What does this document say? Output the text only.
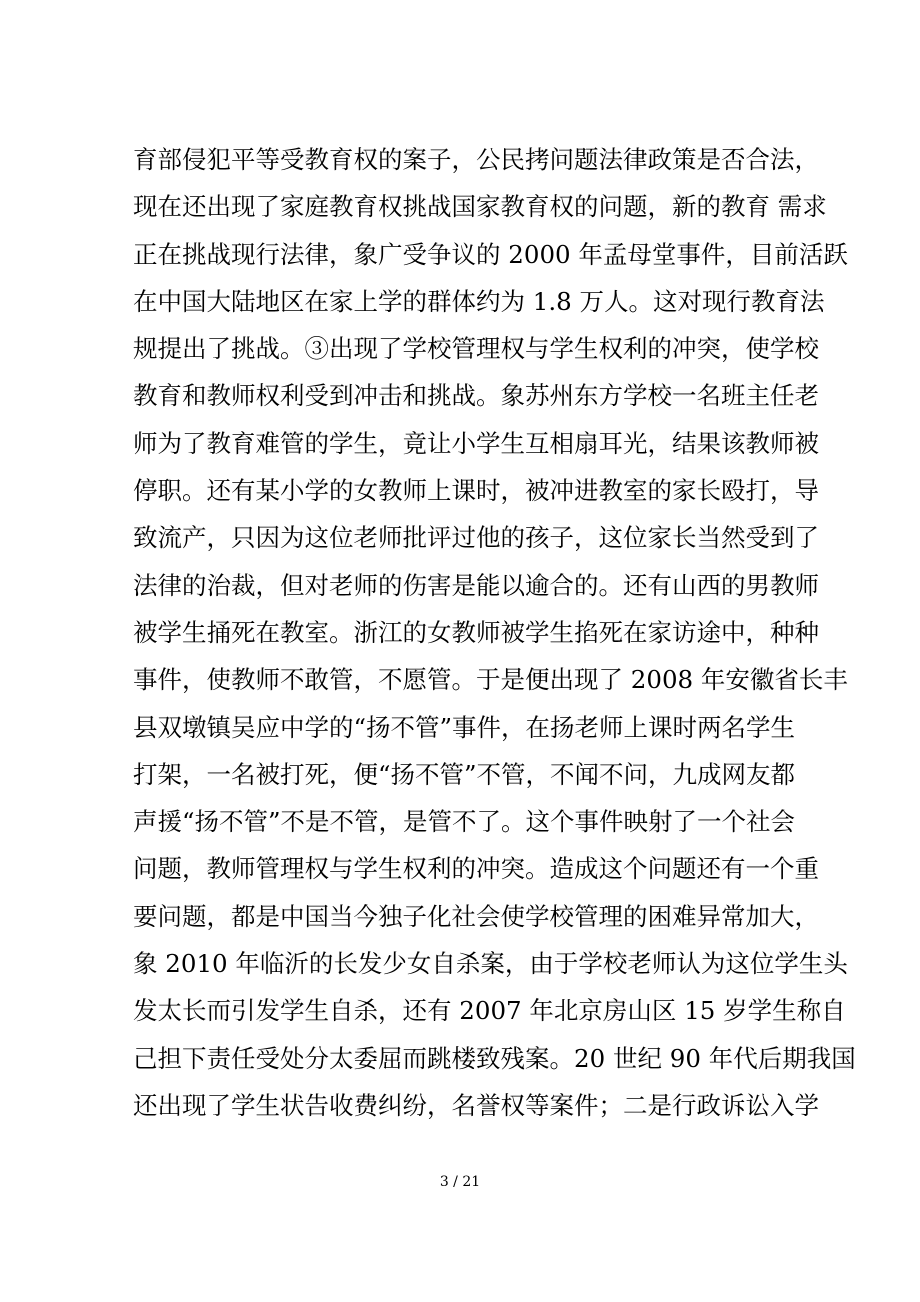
育部侵犯平等受教育权的案子，公民拷问题法律政策是否合法，
现在还出现了家庭教育权挑战国家教育权的问题，新的教育 需求
正在挑战现行法律，象广受争议的 2000 年孟母堂事件，目前活跃
在中国大陆地区在家上学的群体约为 1.8 万人。这对现行教育法
规提出了挑战。③出现了学校管理权与学生权利的冲突，使学校
教育和教师权利受到冲击和挑战。象苏州东方学校一名班主任老
师为了教育难管的学生，竟让小学生互相扇耳光，结果该教师被
停职。还有某小学的女教师上课时，被冲进教室的家长殴打，导
致流产，只因为这位老师批评过他的孩子，这位家长当然受到了
法律的治裁，但对老师的伤害是能以逾合的。还有山西的男教师
被学生捅死在教室。浙江的女教师被学生掐死在家访途中，种种
事件，使教师不敢管，不愿管。于是便出现了 2008 年安徽省长丰
县双墩镇吴应中学的“扬不管”事件，在扬老师上课时两名学生
打架，一名被打死，便“扬不管”不管，不闻不问，九成网友都
声援“扬不管”不是不管，是管不了。这个事件映射了一个社会
问题，教师管理权与学生权利的冲突。造成这个问题还有一个重
要问题，都是中国当今独子化社会使学校管理的困难异常加大，
象 2010 年临沂的长发少女自杀案，由于学校老师认为这位学生头
发太长而引发学生自杀，还有 2007 年北京房山区 15 岁学生称自
己担下责任受处分太委屈而跳楼致残案。20 世纪 90 年代后期我国
还出现了学生状告收费纠纷，名誉权等案件；二是行政诉讼入学
3 / 21
